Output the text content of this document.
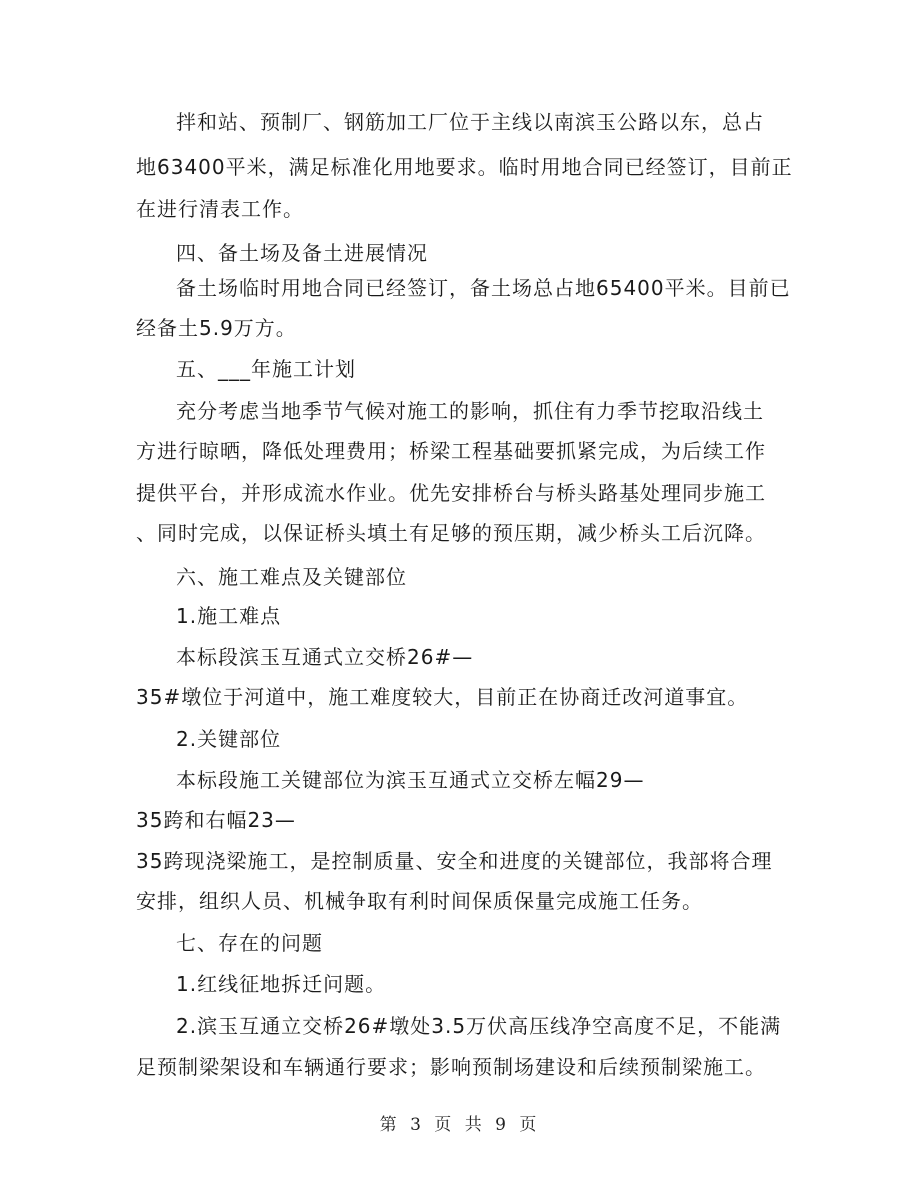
拌和站、预制厂、钢筋加工厂位于主线以南滨玉公路以东，总占
地63400平米，满足标准化用地要求。临时用地合同已经签订，目前正
在进行清表工作。
四、备土场及备土进展情况
备土场临时用地合同已经签订，备土场总占地65400平米。目前已
经备土5.9万方。
五、___年施工计划
充分考虑当地季节气候对施工的影响，抓住有力季节挖取沿线土
方进行晾晒，降低处理费用；桥梁工程基础要抓紧完成，为后续工作
提供平台，并形成流水作业。优先安排桥台与桥头路基处理同步施工
、同时完成，以保证桥头填土有足够的预压期，减少桥头工后沉降。
六、施工难点及关键部位
1.施工难点
本标段滨玉互通式立交桥26#—
35#墩位于河道中，施工难度较大，目前正在协商迁改河道事宜。
2.关键部位
本标段施工关键部位为滨玉互通式立交桥左幅29—
35跨和右幅23—
35跨现浇梁施工，是控制质量、安全和进度的关键部位，我部将合理
安排，组织人员、机械争取有利时间保质保量完成施工任务。
七、存在的问题
1.红线征地拆迁问题。
2.滨玉互通立交桥26#墩处3.5万伏高压线净空高度不足，不能满
足预制梁架设和车辆通行要求；影响预制场建设和后续预制梁施工。
第 3 页 共 9 页
